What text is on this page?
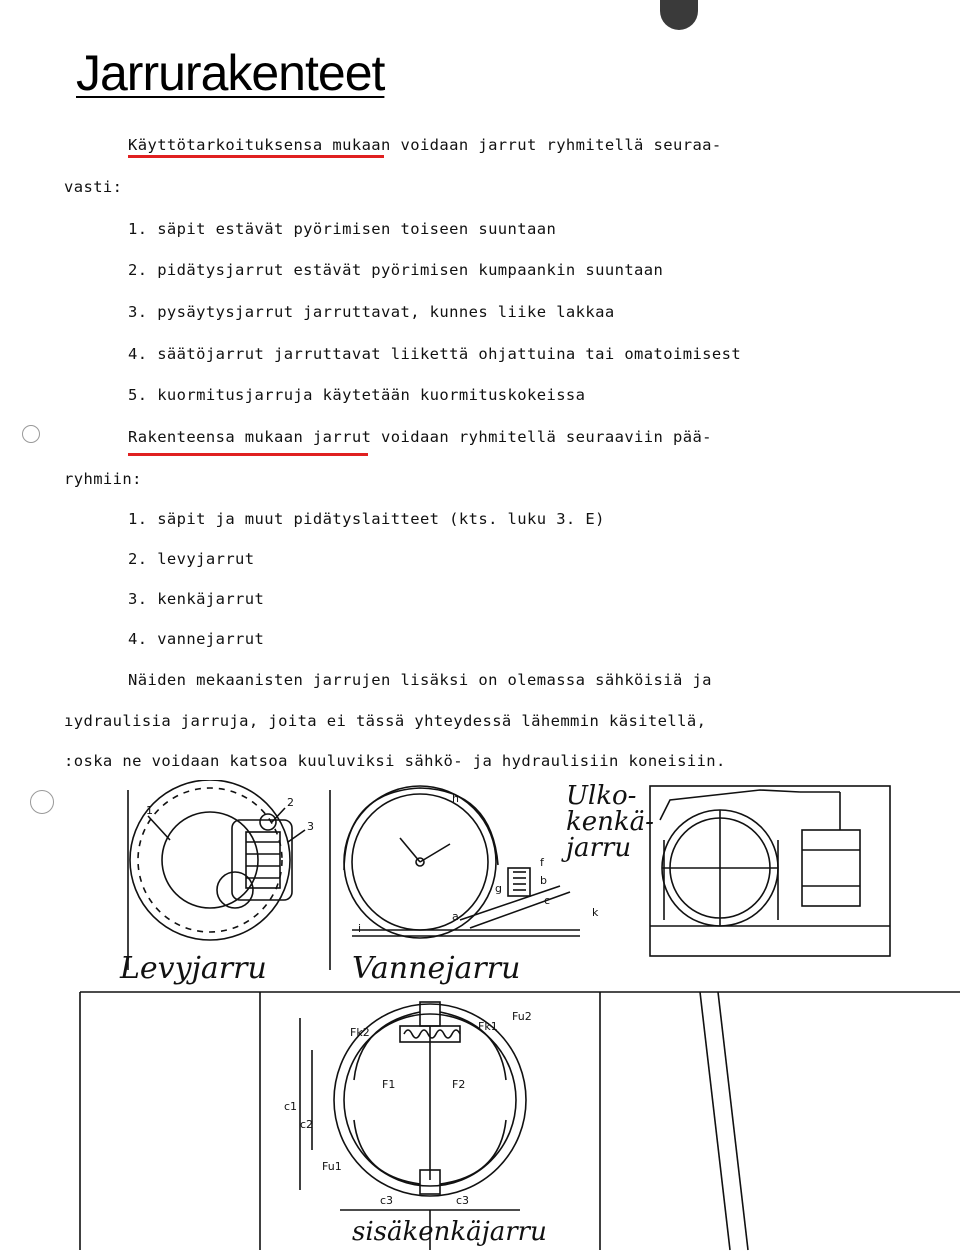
Jarrurakenteet
Käyttötarkoituksensa mukaan voidaan jarrut ryhmitellä seuraa-
vasti:
1. säpit estävät pyörimisen toiseen suuntaan
2. pidätysjarrut estävät pyörimisen kumpaankin suuntaan
3. pysäytysjarrut jarruttavat, kunnes liike lakkaa
4. säätöjarrut jarruttavat liikettä ohjattuina tai omatoimisest
5. kuormitusjarruja käytetään kuormituskokeissa
Rakenteensa mukaan jarrut voidaan ryhmitellä seuraaviin pää-
ryhmiin:
1. säpit ja muut pidätyslaitteet (kts. luku 3. E)
2. levyjarrut
3. kenkäjarrut
4. vannejarrut
Näiden mekaanisten jarrujen lisäksi on olemassa sähköisiä ja
ıydraulisia jarruja, joita ei tässä yhteydessä lähemmin käsitellä,
:oska ne voidaan katsoa kuuluviksi sähkö- ja hydraulisiin koneisiin.
1
2
3
Levyjarru
h
f
g
b
c
a
i
k
Vannejarru
Ulko-
kenkä-
jarru
Fk2	Fk1
Fu2
F1	F2
c1
c2
Fu1
c3	c3
sisäkenkäjarru
